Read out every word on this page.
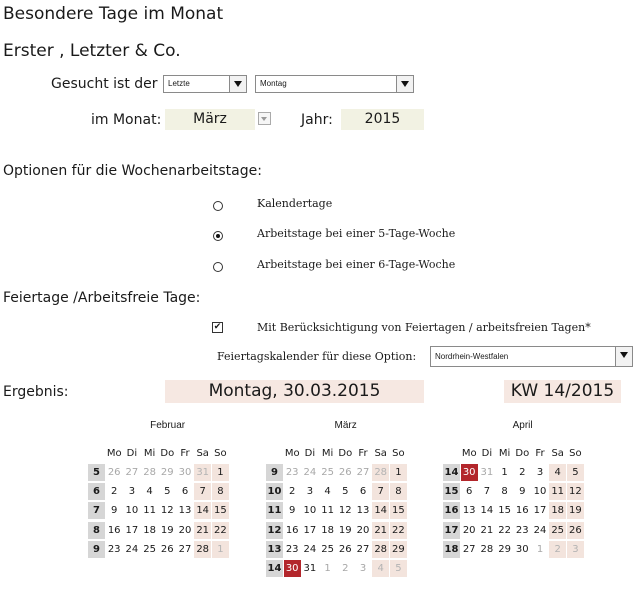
Besondere Tage im Monat
Erster , Letzter & Co.
Gesucht ist der	Letzte	Montag
im Monat:	März	Jahr:	2015
Optionen für die Wochenarbeitstage:
Kalendertage
Arbeitstage bei einer 5-Tage-Woche
Arbeitstage bei einer 6-Tage-Woche
Feiertage /Arbeitsfreie Tage:
✔	Mit Berücksichtigung von Feiertagen / arbeitsfreien Tagen*
Feiertagskalender für diese Option:	Nordrhein-Westfalen
Ergebnis:	Montag, 30.03.2015	KW 14/2015
Februar
Mo Di Mi Do Fr Sa So
5 26 27 28 29 30 31 1
6	2	3	4	5	6	7	8
7	9 10 11 12 13 14 15
8 16 17 18 19 20 21 22
9 23 24 25 26 27 28 1
März
Mo Di Mi Do Fr Sa So
9 23 24 25 26 27 28 1
10 2	3	4	5	6	7	8
11 9 10 11 12 13 14 15
12 16 17 18 19 20 21 22
13 23 24 25 26 27 28 29
14 30 31 1	2	3	4	5
April
Mo Di Mi Do Fr Sa So
14 30 31 1	2	3	4	5
15 6	7	8	9 10 11 12
16 13 14 15 16 17 18 19
17 20 21 22 23 24 25 26
18 27 28 29 30 1	2	3
